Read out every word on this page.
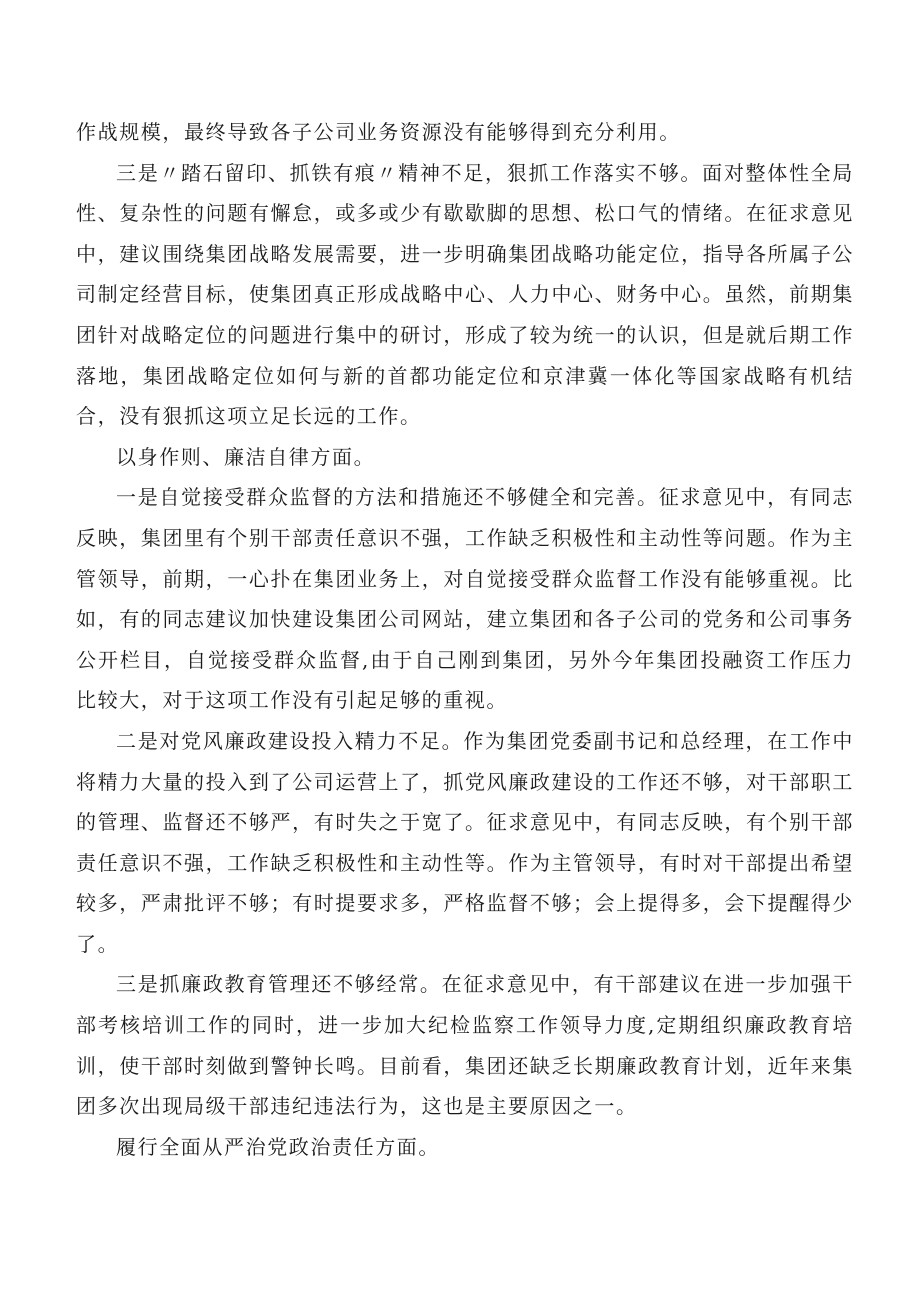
作战规模，最终导致各子公司业务资源没有能够得到充分利用。

三是〃踏石留印、抓铁有痕〃精神不足，狠抓工作落实不够。面对整体性全局性、复杂性的问题有懈怠，或多或少有歇歇脚的思想、松口气的情绪。在征求意见中，建议围绕集团战略发展需要，进一步明确集团战略功能定位，指导各所属子公司制定经营目标，使集团真正形成战略中心、人力中心、财务中心。虽然，前期集团针对战略定位的问题进行集中的研讨，形成了较为统一的认识，但是就后期工作落地，集团战略定位如何与新的首都功能定位和京津冀一体化等国家战略有机结合，没有狠抓这项立足长远的工作。

以身作则、廉洁自律方面。

一是自觉接受群众监督的方法和措施还不够健全和完善。征求意见中，有同志反映，集团里有个别干部责任意识不强，工作缺乏积极性和主动性等问题。作为主管领导，前期，一心扑在集团业务上，对自觉接受群众监督工作没有能够重视。比如，有的同志建议加快建设集团公司网站，建立集团和各子公司的党务和公司事务公开栏目，自觉接受群众监督,由于自己刚到集团，另外今年集团投融资工作压力比较大，对于这项工作没有引起足够的重视。

二是对党风廉政建设投入精力不足。作为集团党委副书记和总经理，在工作中将精力大量的投入到了公司运营上了，抓党风廉政建设的工作还不够，对干部职工的管理、监督还不够严，有时失之于宽了。征求意见中，有同志反映，有个别干部责任意识不强，工作缺乏积极性和主动性等。作为主管领导，有时对干部提出希望较多，严肃批评不够；有时提要求多，严格监督不够；会上提得多，会下提醒得少了。

三是抓廉政教育管理还不够经常。在征求意见中，有干部建议在进一步加强干部考核培训工作的同时，进一步加大纪检监察工作领导力度,定期组织廉政教育培训，使干部时刻做到警钟长鸣。目前看，集团还缺乏长期廉政教育计划，近年来集团多次出现局级干部违纪违法行为，这也是主要原因之一。

履行全面从严治党政治责任方面。
